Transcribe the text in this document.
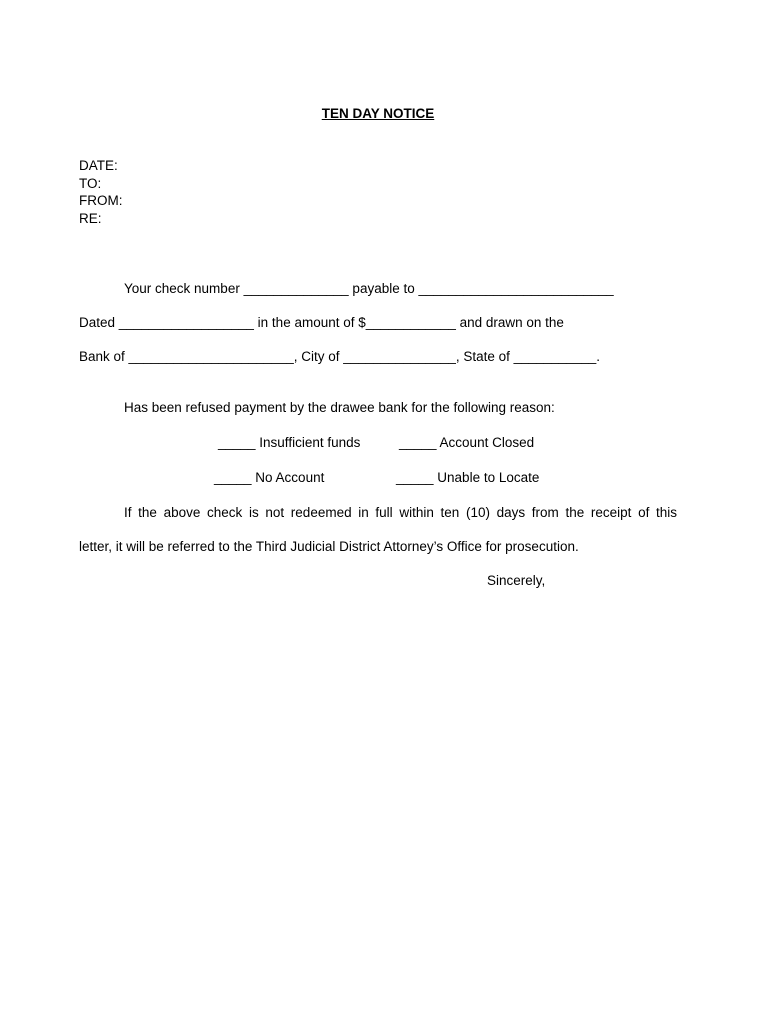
TEN DAY NOTICE
DATE:
TO:
FROM:
RE:
Your check number ______________ payable to __________________________
Dated __________________ in the amount of $____________ and drawn on the
Bank of ______________________, City of _______________, State of ___________.
Has been refused payment by the drawee bank for the following reason:
_____ Insufficient funds	_____ Account Closed
_____ No Account	_____ Unable to Locate
If the above check is not redeemed in full within ten (10) days from the receipt of this
letter, it will be referred to the Third Judicial District Attorney’s Office for prosecution.
Sincerely,
